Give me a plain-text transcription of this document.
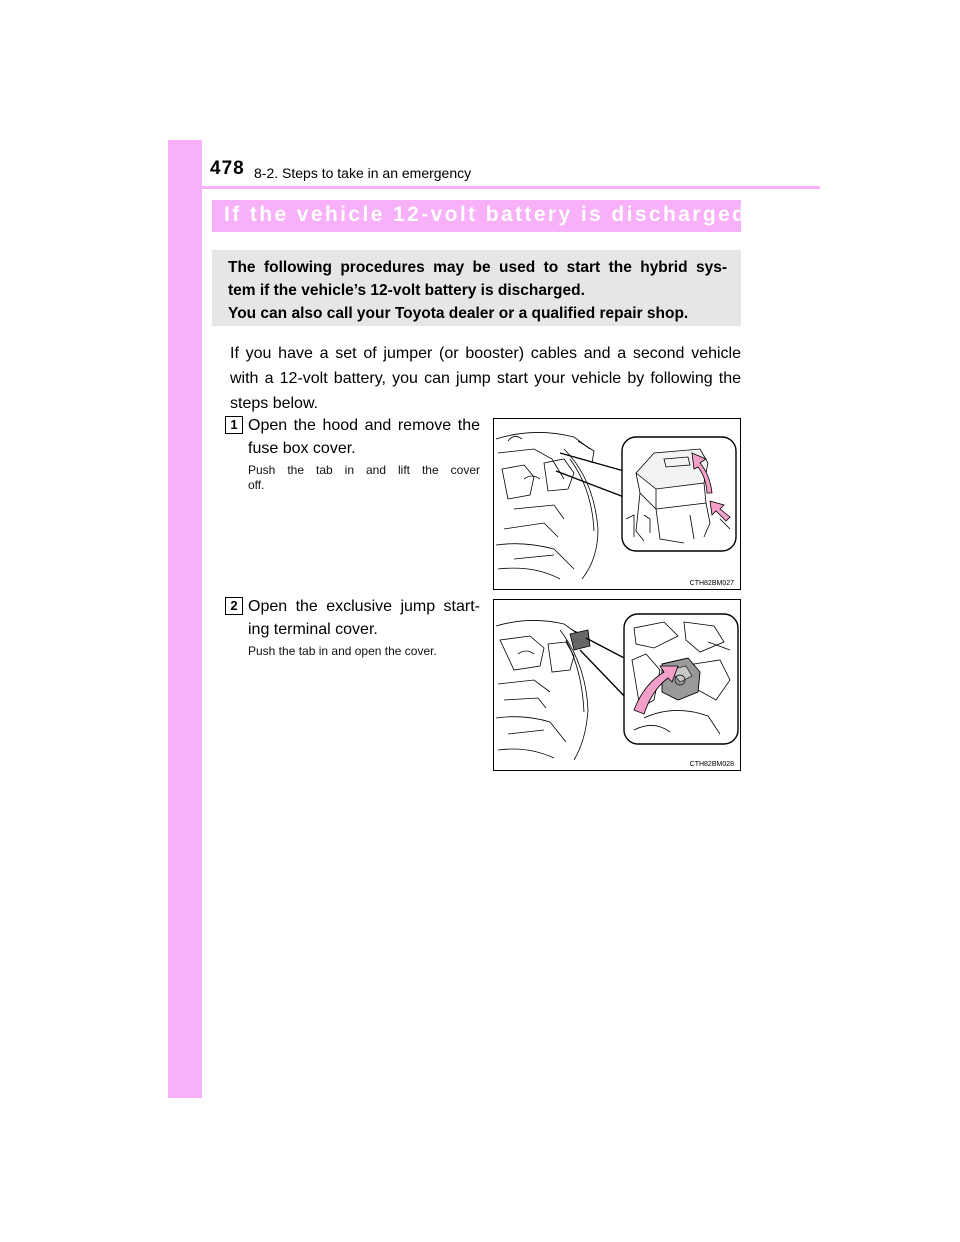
478 8-2. Steps to take in an emergency
If the vehicle 12-volt battery is discharged
The following procedures may be used to start the hybrid sys-
tem if the vehicle’s 12-volt battery is discharged.
You can also call your Toyota dealer or a qualified repair shop.
If you have a set of jumper (or booster) cables and a second vehicle
with a 12-volt battery, you can jump start your vehicle by following the
steps below.
1 Open the hood and remove the
fuse box cover.
Push the tab in and lift the cover
off.
CTH82BM027
2 Open the exclusive jump start-
ing terminal cover.
Push the tab in and open the cover.
CTH82BM028
